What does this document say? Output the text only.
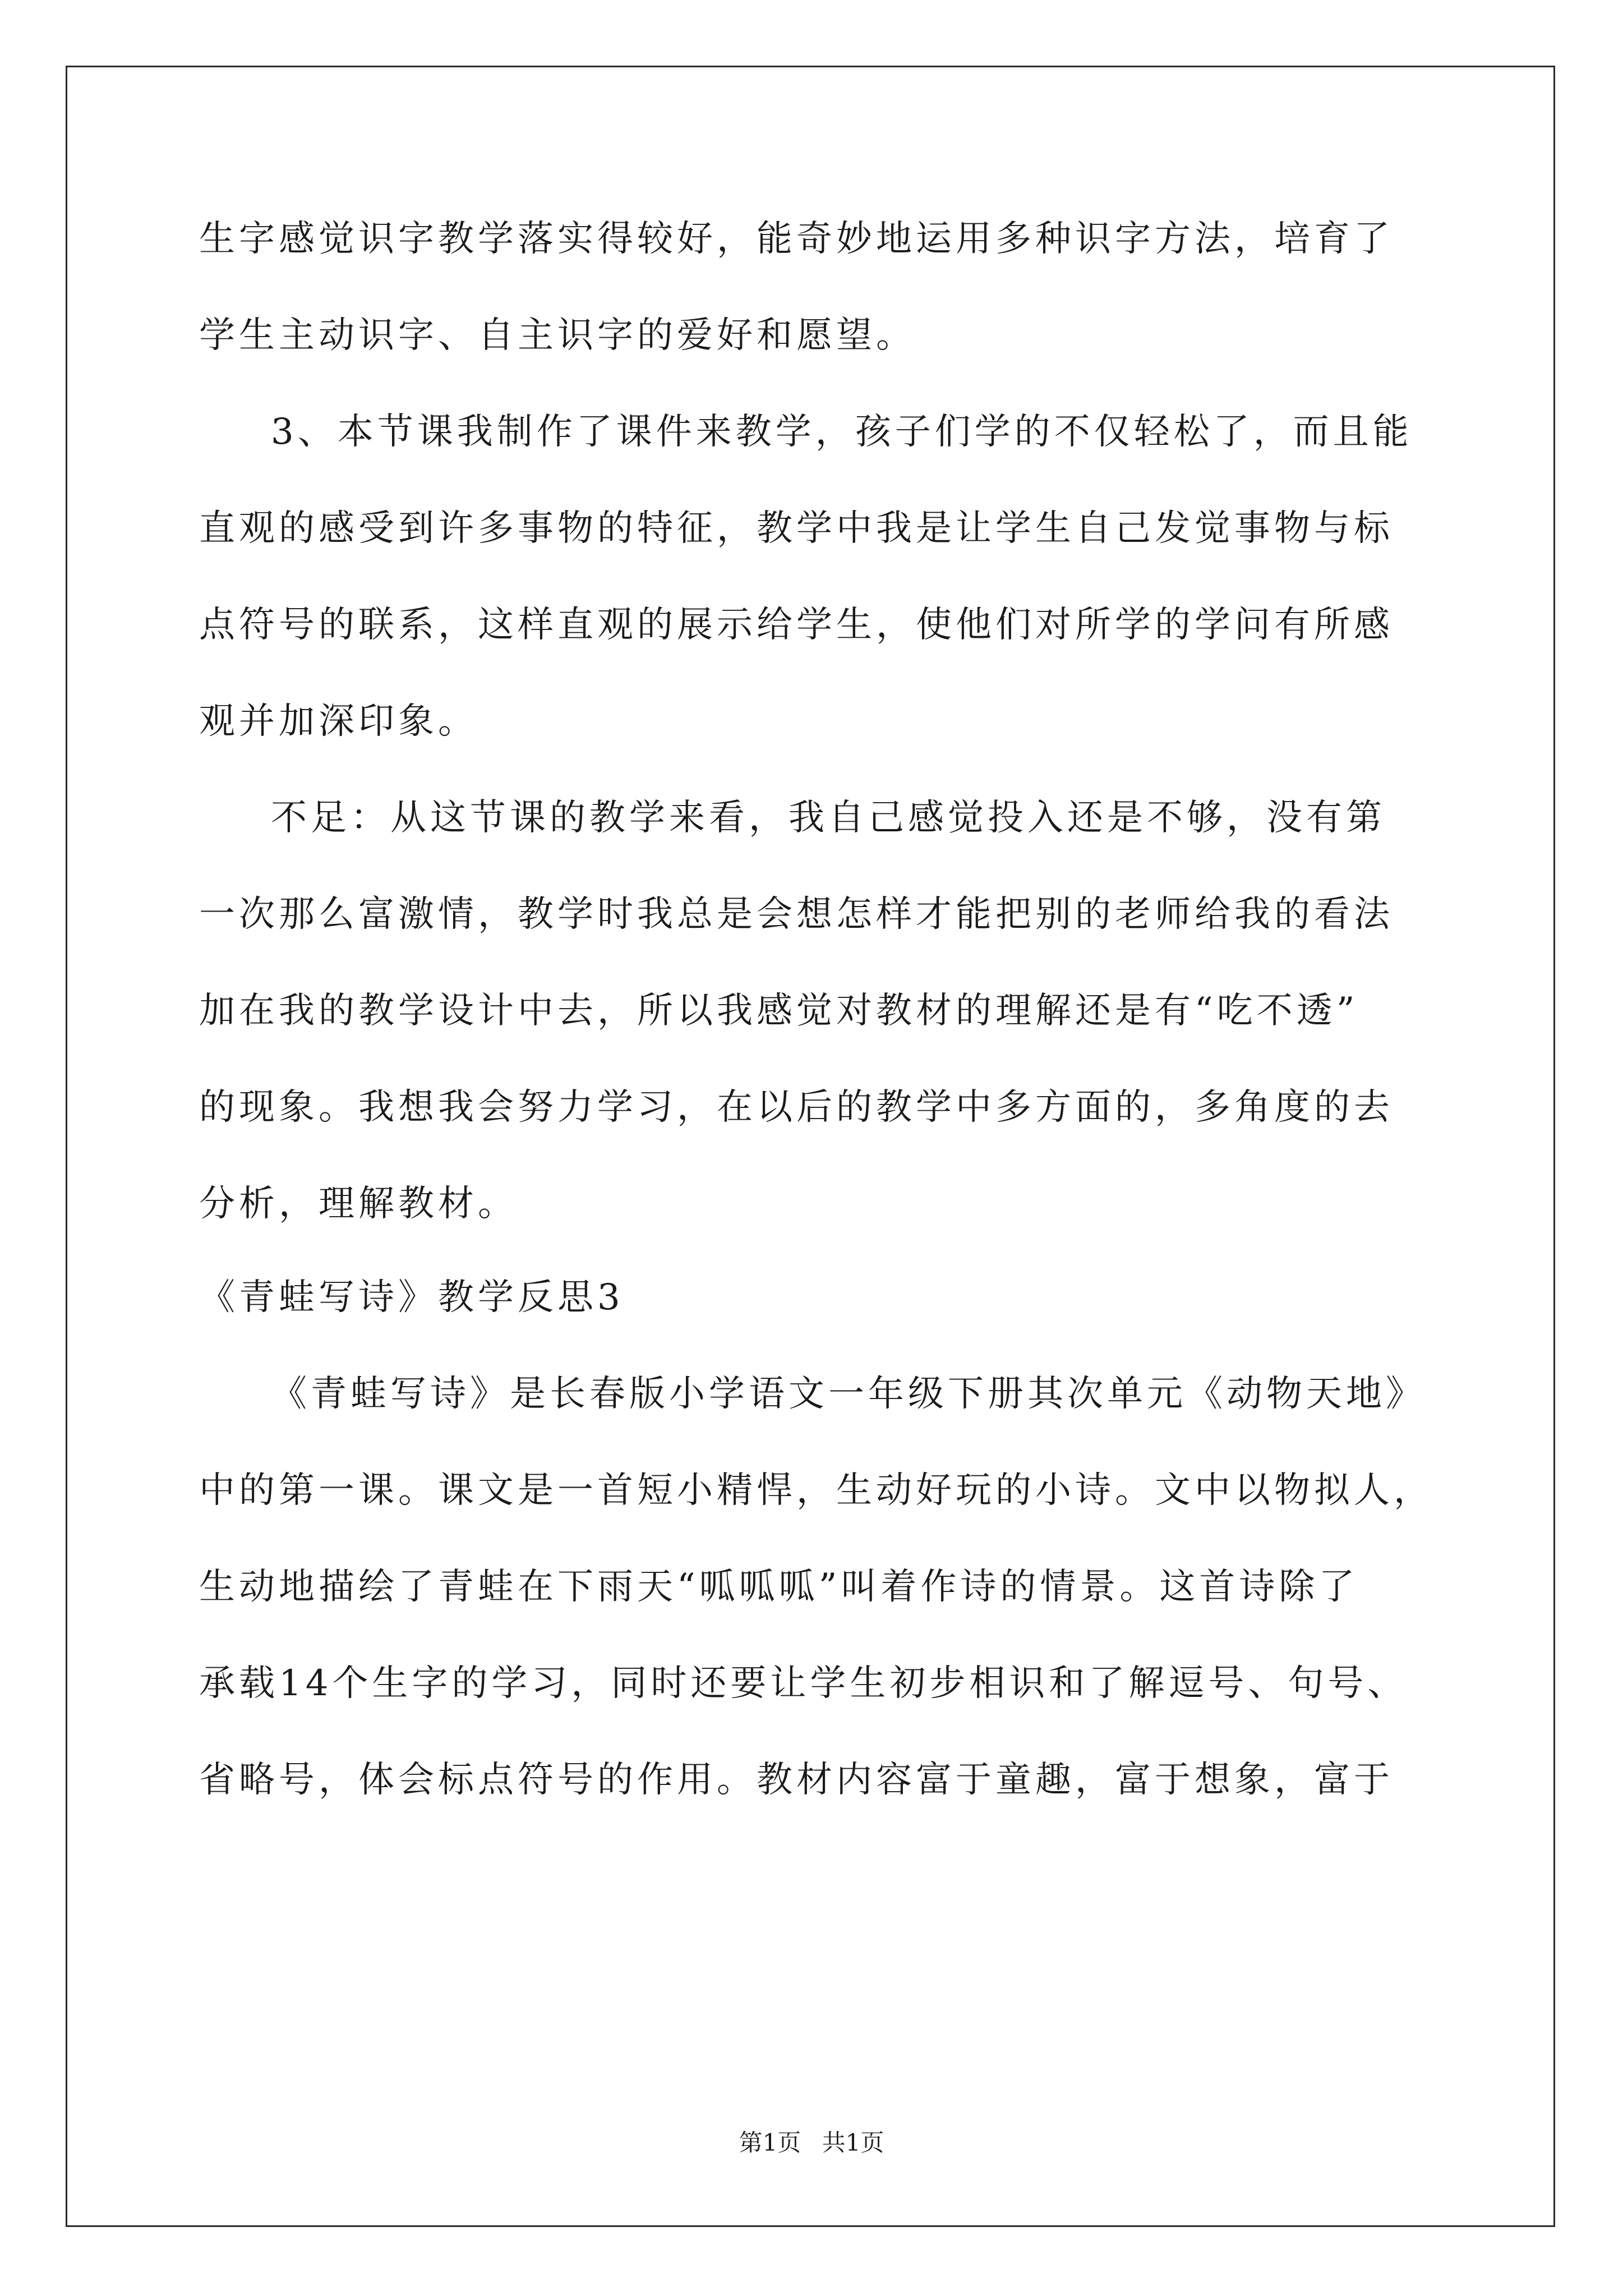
生字感觉识字教学落实得较好，能奇妙地运用多种识字方法，培育了
学生主动识字、自主识字的爱好和愿望。
3、本节课我制作了课件来教学，孩子们学的不仅轻松了，而且能
直观的感受到许多事物的特征，教学中我是让学生自己发觉事物与标
点符号的联系，这样直观的展示给学生，使他们对所学的学问有所感
观并加深印象。
不足：从这节课的教学来看，我自己感觉投入还是不够，没有第
一次那么富激情，教学时我总是会想怎样才能把别的老师给我的看法
加在我的教学设计中去，所以我感觉对教材的理解还是有“吃不透”
的现象。我想我会努力学习，在以后的教学中多方面的，多角度的去
分析，理解教材。
《青蛙写诗》教学反思3
《青蛙写诗》是长春版小学语文一年级下册其次单元《动物天地》
中的第一课。课文是一首短小精悍，生动好玩的小诗。文中以物拟人，
生动地描绘了青蛙在下雨天“呱呱呱”叫着作诗的情景。这首诗除了
承载14个生字的学习，同时还要让学生初步相识和了解逗号、句号、
省略号，体会标点符号的作用。教材内容富于童趣，富于想象，富于
第1页 共1页
